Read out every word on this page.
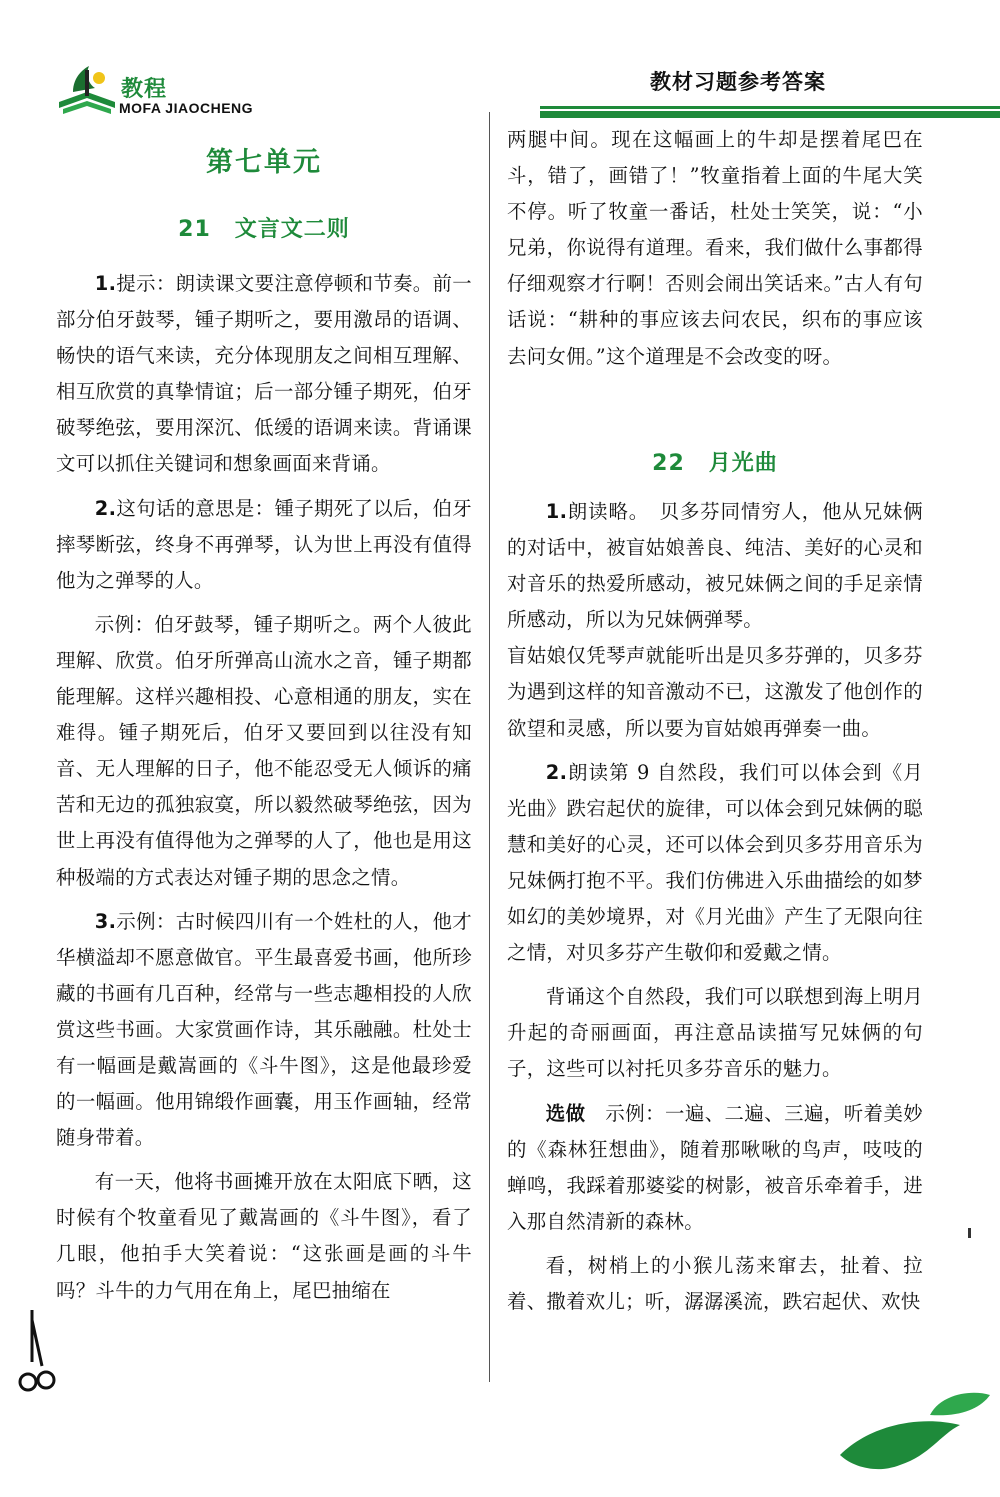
教程
MOFA JIAOCHENG
教材习题参考答案
第七单元
21 文言文二则

1.提示：朗读课文要注意停顿和节奏。前一部分伯牙鼓琴，锺子期听之，要用激昂的语调、畅快的语气来读，充分体现朋友之间相互理解、相互欣赏的真挚情谊；后一部分锺子期死，伯牙破琴绝弦，要用深沉、低缓的语调来读。背诵课文可以抓住关键词和想象画面来背诵。

2.这句话的意思是：锺子期死了以后，伯牙摔琴断弦，终身不再弹琴，认为世上再没有值得他为之弹琴的人。

示例：伯牙鼓琴，锺子期听之。两个人彼此理解、欣赏。伯牙所弹高山流水之音，锺子期都能理解。这样兴趣相投、心意相通的朋友，实在难得。锺子期死后，伯牙又要回到以往没有知音、无人理解的日子，他不能忍受无人倾诉的痛苦和无边的孤独寂寞，所以毅然破琴绝弦，因为世上再没有值得他为之弹琴的人了，他也是用这种极端的方式表达对锺子期的思念之情。

3.示例：古时候四川有一个姓杜的人，他才华横溢却不愿意做官。平生最喜爱书画，他所珍藏的书画有几百种，经常与一些志趣相投的人欣赏这些书画。大家赏画作诗，其乐融融。杜处士有一幅画是戴嵩画的《斗牛图》，这是他最珍爱的一幅画。他用锦缎作画囊，用玉作画轴，经常随身带着。

有一天，他将书画摊开放在太阳底下晒，这时候有个牧童看见了戴嵩画的《斗牛图》，看了几眼，他拍手大笑着说：“这张画是画的斗牛吗？斗牛的力气用在角上，尾巴抽缩在

两腿中间。现在这幅画上的牛却是摆着尾巴在斗，错了，画错了！”牧童指着上面的牛尾大笑不停。听了牧童一番话，杜处士笑笑，说：“小兄弟，你说得有道理。看来，我们做什么事都得仔细观察才行啊！否则会闹出笑话来。”古人有句话说：“耕种的事应该去问农民，织布的事应该去问女佣。”这个道理是不会改变的呀。

22 月光曲

1.朗读略。　贝多芬同情穷人，他从兄妹俩的对话中，被盲姑娘善良、纯洁、美好的心灵和对音乐的热爱所感动，被兄妹俩之间的手足亲情所感动，所以为兄妹俩弹琴。

盲姑娘仅凭琴声就能听出是贝多芬弹的，贝多芬为遇到这样的知音激动不已，这激发了他创作的欲望和灵感，所以要为盲姑娘再弹奏一曲。

2.朗读第 9 自然段，我们可以体会到《月光曲》跌宕起伏的旋律，可以体会到兄妹俩的聪慧和美好的心灵，还可以体会到贝多芬用音乐为兄妹俩打抱不平。我们仿佛进入乐曲描绘的如梦如幻的美妙境界，对《月光曲》产生了无限向往之情，对贝多芬产生敬仰和爱戴之情。

背诵这个自然段，我们可以联想到海上明月升起的奇丽画面，再注意品读描写兄妹俩的句子，这些可以衬托贝多芬音乐的魅力。

选做　示例：一遍、二遍、三遍，听着美妙的《森林狂想曲》，随着那啾啾的鸟声，吱吱的蝉鸣，我踩着那婆娑的树影，被音乐牵着手，进入那自然清新的森林。

看，树梢上的小猴儿荡来窜去，扯着、拉着、撒着欢儿；听，潺潺溪流，跌宕起伏、欢快

287
